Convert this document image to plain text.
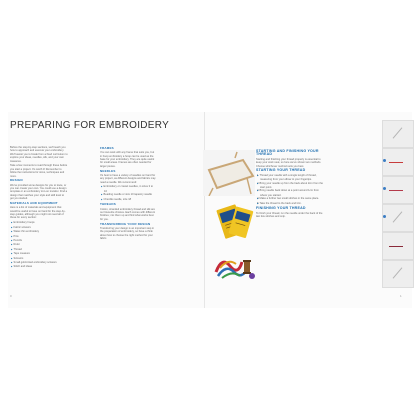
PREPARING FOR EMBROIDERY

Before the step-by-step sections, we'll teach you how to approach and execute your embroidery. We'll assist you to break from a fixed curriculum to explore your ideas, needles, silk, and your own treasures.

Take a few moments to read through these before you start a project. It's worth it! Remember to follow the instructions for sizes, techniques and more.

DESIGN

We've provided some designs for you to trace, or you can create your own. You could use a design template or an embroidery iron-on transfer. Find a design that matches your style and skill level to get you started.

MATERIALS AND EQUIPMENT

Here is a list of materials and equipment that would be useful to have on hand for the step-by-step guides, although you might not need all of these for every section:

▶ Embroidery hoops
▶ Fabric scissors
▶ Water-thin embroidery
▶ Pins
▶ Pencils
▶ Ruler
▶ Thread
▶ Tape measure
▶ Scissors
▶ Small gold-tinted embroidery scissors
▶ Stitch and ideas
FRAMES

You can work with any frame that suits you, but in hoop embroidery a hoop can be used as the base for your embroidery. They are quite useful for small areas. Frames are often needed for larger pieces.

NEEDLES

It's best to have a variety of needles on hand for any project, as different designs and fabrics may need a needle. We recommend:

▶ Embroidery or crewel needles, in sizes 3 to 10
▶ Beading needle or size 10 tapestry needle
▶ Chenille needle, size 18
THREADS

Cotton, stranded embroidery thread and silk are our favourite choices. Each comes with different finishes; mix them up and find what works best for you.

TRANSFERRING YOUR DESIGN

Transferring your design is an important step in the preparation of embroidery, so have a think about how to choose the right method for your fabric.

STARTING AND FINISHING YOUR THREAD

Starting and finishing your thread properly is essential to keep your work neat, so here we've shown two methods. Choose whichever method suits you best.

STARTING YOUR THREAD
▶ 1. Thread your needle with a single length of thread, measuring from your elbow to your fingertips.
▶ 2. Bring your needle up from the back about 2cm from the start point.
▶ 3. Bring needle back down at a point around 1cm from where you started.
▶ 4. Make a further two small stitches in the same place.
▶ 5. Take the thread to the back and trim.
FINISHING YOUR THREAD

To finish your thread, run the needle under the back of the last few stitches and snip.

0	1
